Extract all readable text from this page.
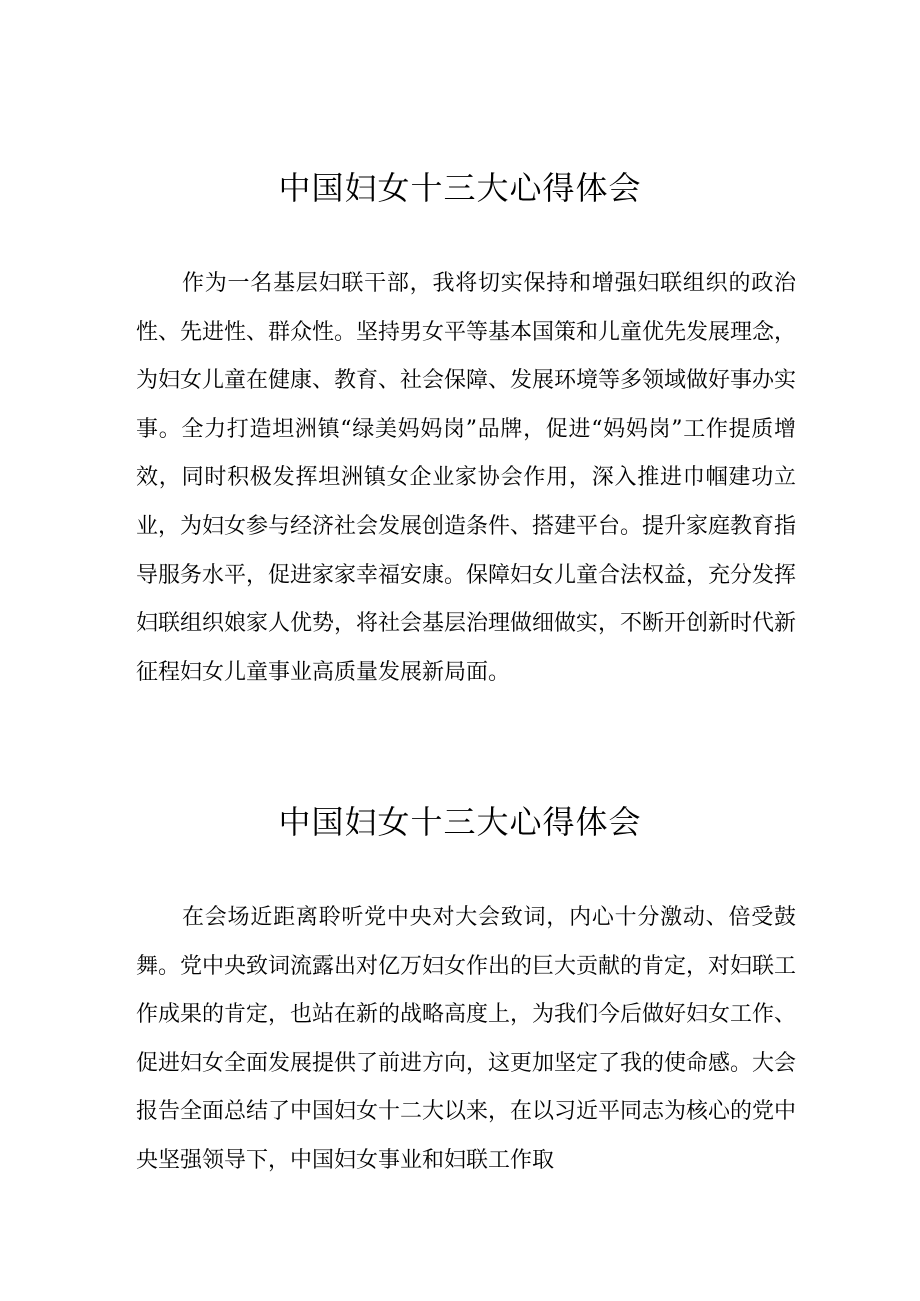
中国妇女十三大心得体会

作为一名基层妇联干部，我将切实保持和增强妇联组织的政治性、先进性、群众性。坚持男女平等基本国策和儿童优先发展理念，为妇女儿童在健康、教育、社会保障、发展环境等多领域做好事办实事。全力打造坦洲镇“绿美妈妈岗”品牌，促进“妈妈岗”工作提质增效，同时积极发挥坦洲镇女企业家协会作用，深入推进巾帼建功立业，为妇女参与经济社会发展创造条件、搭建平台。提升家庭教育指导服务水平，促进家家幸福安康。保障妇女儿童合法权益，充分发挥妇联组织娘家人优势，将社会基层治理做细做实，不断开创新时代新征程妇女儿童事业高质量发展新局面。

中国妇女十三大心得体会

在会场近距离聆听党中央对大会致词，内心十分激动、倍受鼓舞。党中央致词流露出对亿万妇女作出的巨大贡献的肯定，对妇联工作成果的肯定，也站在新的战略高度上，为我们今后做好妇女工作、促进妇女全面发展提供了前进方向，这更加坚定了我的使命感。大会报告全面总结了中国妇女十二大以来，在以习近平同志为核心的党中央坚强领导下，中国妇女事业和妇联工作取
